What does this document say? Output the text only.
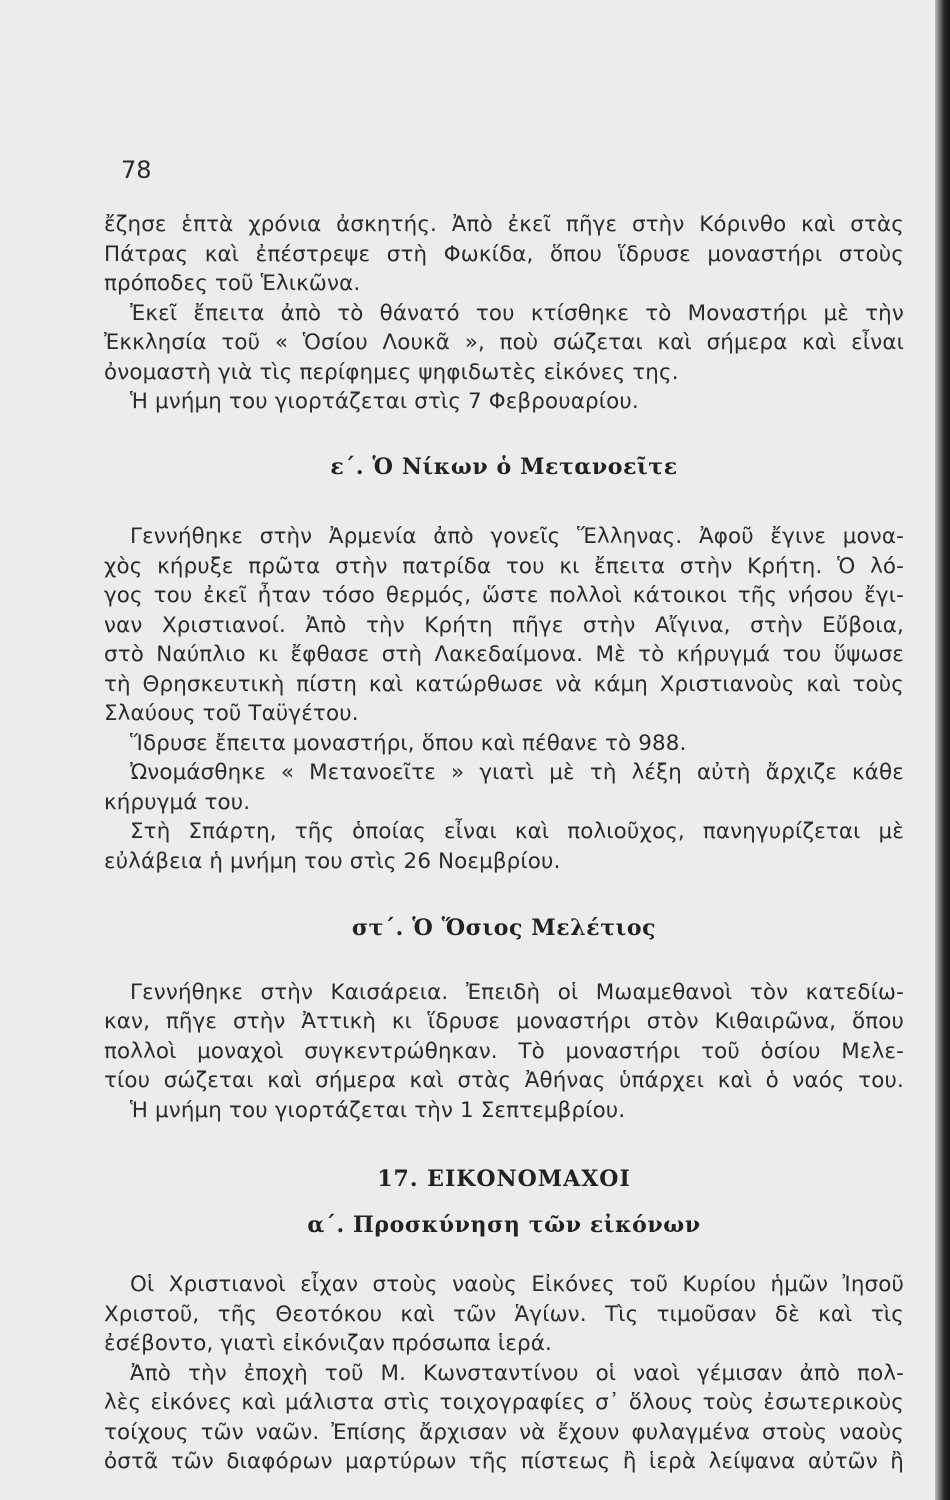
78
ἔζησε ἑπτὰ χρόνια ἀσκητής. Ἀπὸ ἐκεῖ πῆγε στὴν Κόρινθο καὶ στὰς
Πάτρας καὶ ἐπέστρεψε στὴ Φωκίδα, ὅπου ἵδρυσε μοναστήρι στοὺς
πρόποδες τοῦ Ἑλικῶνα.
Ἐκεῖ ἔπειτα ἀπὸ τὸ θάνατό του κτίσθηκε τὸ Μοναστήρι μὲ τὴν
Ἐκκλησία τοῦ « Ὁσίου Λουκᾶ », ποὺ σώζεται καὶ σήμερα καὶ εἶναι
ὀνομαστὴ γιὰ τὶς περίφημες ψηφιδωτὲς εἰκόνες της.
Ἡ μνήμη του γιορτάζεται στὶς 7 Φεβρουαρίου.
ε΄. Ὁ Νίκων ὁ Μετανοεῖτε
Γεννήθηκε στὴν Ἀρμενία ἀπὸ γονεῖς Ἕλληνας. Ἀφοῦ ἔγινε μονα-
χὸς κήρυξε πρῶτα στὴν πατρίδα του κι ἔπειτα στὴν Κρήτη. Ὁ λό-
γος του ἐκεῖ ἦταν τόσο θερμός, ὥστε πολλοὶ κάτοικοι τῆς νήσου ἔγι-
ναν Χριστιανοί. Ἀπὸ τὴν Κρήτη πῆγε στὴν Αἴγινα, στὴν Εὔβοια,
στὸ Ναύπλιο κι ἔφθασε στὴ Λακεδαίμονα. Μὲ τὸ κήρυγμά του ὕψωσε
τὴ Θρησκευτικὴ πίστη καὶ κατώρθωσε νὰ κάμη Χριστιανοὺς καὶ τοὺς
Σλαύους τοῦ Ταϋγέτου.
Ἵδρυσε ἔπειτα μοναστήρι, ὅπου καὶ πέθανε τὸ 988.
Ὠνομάσθηκε « Μετανοεῖτε » γιατὶ μὲ τὴ λέξη αὐτὴ ἄρχιζε κάθε
κήρυγμά του.
Στὴ Σπάρτη, τῆς ὁποίας εἶναι καὶ πολιοῦχος, πανηγυρίζεται μὲ
εὐλάβεια ἡ μνήμη του στὶς 26 Νοεμβρίου.
στ΄. Ὁ Ὅσιος Μελέτιος
Γεννήθηκε στὴν Καισάρεια. Ἐπειδὴ οἱ Μωαμεθανοὶ τὸν κατεδίω-
καν, πῆγε στὴν Ἀττικὴ κι ἵδρυσε μοναστήρι στὸν Κιθαιρῶνα, ὅπου
πολλοὶ μοναχοὶ συγκεντρώθηκαν. Τὸ μοναστήρι τοῦ ὁσίου Μελε-
τίου σώζεται καὶ σήμερα καὶ στὰς Ἀθήνας ὑπάρχει καὶ ὁ ναός του.
Ἡ μνήμη του γιορτάζεται τὴν 1 Σεπτεμβρίου.
17. ΕΙΚΟΝΟΜΑΧΟΙ
α΄. Προσκύνηση τῶν εἰκόνων
Οἱ Χριστιανοὶ εἶχαν στοὺς ναοὺς Εἰκόνες τοῦ Κυρίου ἡμῶν Ἰησοῦ
Χριστοῦ, τῆς Θεοτόκου καὶ τῶν Ἁγίων. Τὶς τιμοῦσαν δὲ καὶ τὶς
ἐσέβοντο, γιατὶ εἰκόνιζαν πρόσωπα ἱερά.
Ἀπὸ τὴν ἐποχὴ τοῦ Μ. Κωνσταντίνου οἱ ναοὶ γέμισαν ἀπὸ πολ-
λὲς εἰκόνες καὶ μάλιστα στὶς τοιχογραφίες σ᾽ ὅλους τοὺς ἐσωτερικοὺς
τοίχους τῶν ναῶν. Ἐπίσης ἄρχισαν νὰ ἔχουν φυλαγμένα στοὺς ναοὺς
ὀστᾶ τῶν διαφόρων μαρτύρων τῆς πίστεως ἢ ἱερὰ λείψανα αὐτῶν ἢ
